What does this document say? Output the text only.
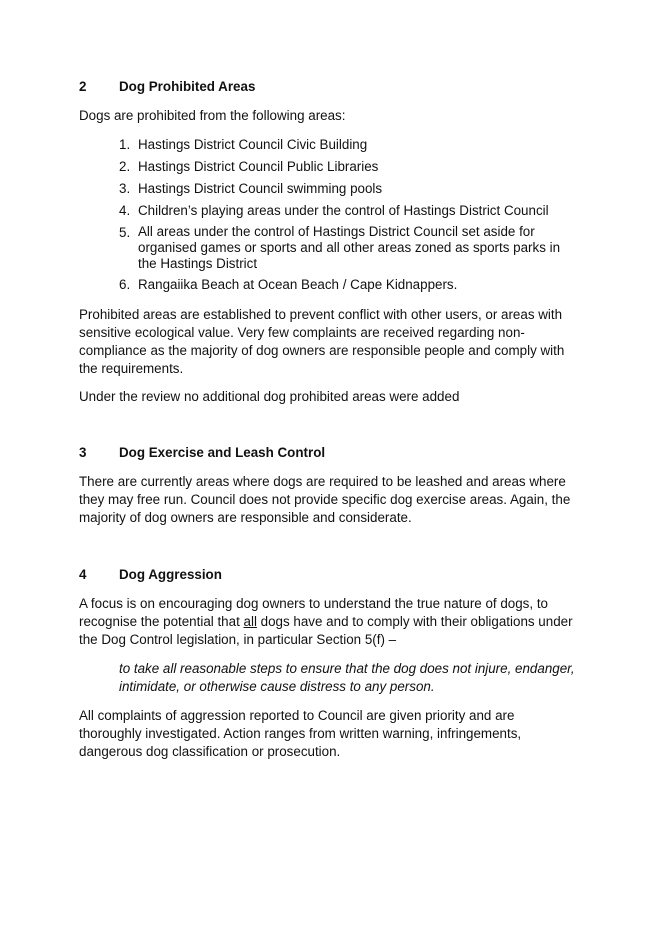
2	Dog Prohibited Areas

Dogs are prohibited from the following areas:

1. Hastings District Council Civic Building
2. Hastings District Council Public Libraries
3. Hastings District Council swimming pools
4. Children’s playing areas under the control of Hastings District Council
5. All areas under the control of Hastings District Council set aside for organised games or sports and all other areas zoned as sports parks in the Hastings District
6. Rangaiika Beach at Ocean Beach / Cape Kidnappers.

Prohibited areas are established to prevent conflict with other users, or areas with sensitive ecological value. Very few complaints are received regarding non-compliance as the majority of dog owners are responsible people and comply with the requirements.

Under the review no additional dog prohibited areas were added

3	Dog Exercise and Leash Control

There are currently areas where dogs are required to be leashed and areas where they may free run. Council does not provide specific dog exercise areas. Again, the majority of dog owners are responsible and considerate.

4	Dog Aggression

A focus is on encouraging dog owners to understand the true nature of dogs, to recognise the potential that all dogs have and to comply with their obligations under the Dog Control legislation, in particular Section 5(f) –

to take all reasonable steps to ensure that the dog does not injure, endanger, intimidate, or otherwise cause distress to any person.

All complaints of aggression reported to Council are given priority and are thoroughly investigated. Action ranges from written warning, infringements, dangerous dog classification or prosecution.
